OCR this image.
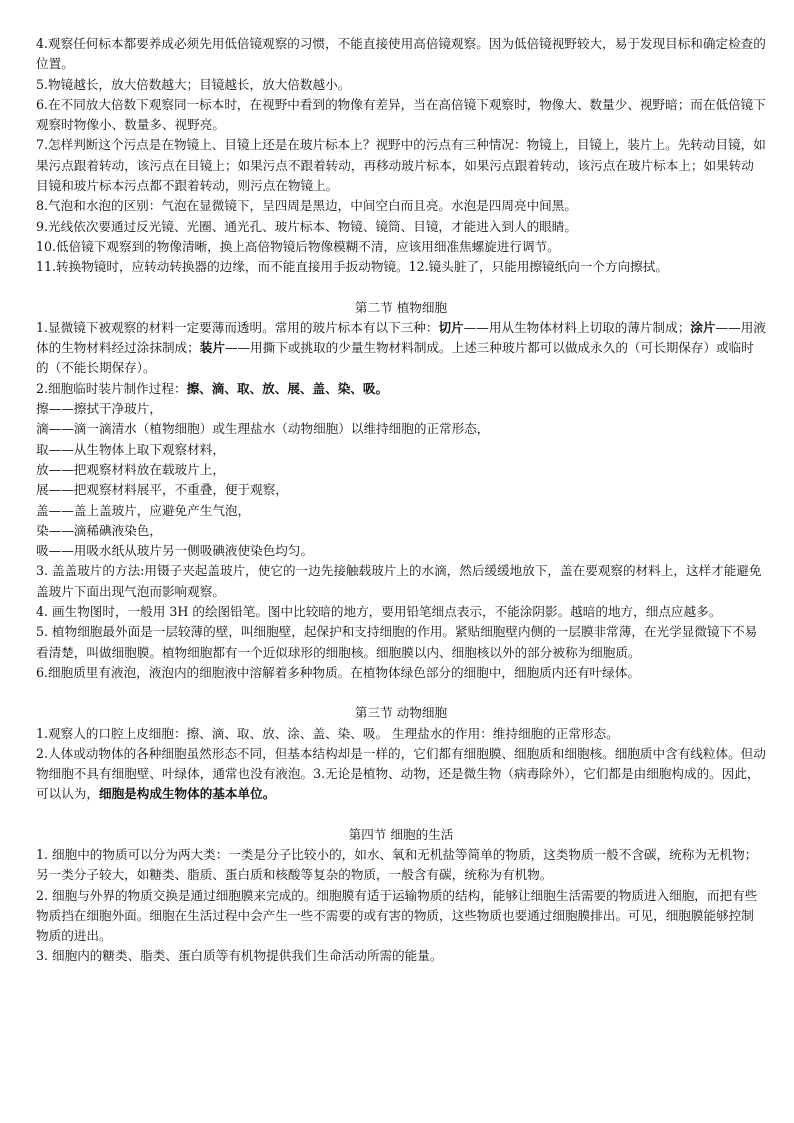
4.观察任何标本都要养成必须先用低倍镜观察的习惯，不能直接使用高倍镜观察。因为低倍镜视野较大，易于发现目标和确定检查的位置。

5.物镜越长，放大倍数越大；目镜越长，放大倍数越小。

6.在不同放大倍数下观察同一标本时，在视野中看到的物像有差异，当在高倍镜下观察时，物像大、数量少、视野暗；而在低倍镜下观察时物像小、数量多、视野亮。

7.怎样判断这个污点是在物镜上、目镜上还是在玻片标本上？视野中的污点有三种情况：物镜上，目镜上，装片上。先转动目镜，如果污点跟着转动，该污点在目镜上；如果污点不跟着转动，再移动玻片标本，如果污点跟着转动，该污点在玻片标本上；如果转动目镜和玻片标本污点都不跟着转动，则污点在物镜上。

8.气泡和水泡的区别：气泡在显微镜下，呈四周是黑边，中间空白而且亮。水泡是四周亮中间黑。

9.光线依次要通过反光镜、光圈、通光孔、玻片标本、物镜、镜筒、目镜，才能进入到人的眼睛。

10.低倍镜下观察到的物像清晰，换上高倍物镜后物像模糊不清，应该用细准焦螺旋进行调节。

11.转换物镜时，应转动转换器的边缘，而不能直接用手扳动物镜。12.镜头脏了，只能用擦镜纸向一个方向擦拭。

第二节 植物细胞

1.显微镜下被观察的材料一定要薄而透明。常用的玻片标本有以下三种：切片——用从生物体材料上切取的薄片制成；涂片——用液体的生物材料经过涂抹制成；装片——用撕下或挑取的少量生物材料制成。上述三种玻片都可以做成永久的（可长期保存）或临时的（不能长期保存）。

2.细胞临时装片制作过程：擦、滴、取、放、展、盖、染、吸。

擦——擦拭干净玻片，

滴——滴一滴清水（植物细胞）或生理盐水（动物细胞）以维持细胞的正常形态，

取——从生物体上取下观察材料，

放——把观察材料放在载玻片上，

展——把观察材料展平，不重叠，便于观察，

盖——盖上盖玻片，应避免产生气泡，

染——滴稀碘液染色，

吸——用吸水纸从玻片另一侧吸碘液使染色均匀。

3. 盖盖玻片的方法:用镊子夹起盖玻片，使它的一边先接触载玻片上的水滴，然后缓缓地放下，盖在要观察的材料上，这样才能避免盖玻片下面出现气泡而影响观察。

4. 画生物图时，一般用 3H 的绘图铅笔。图中比较暗的地方，要用铅笔细点表示，不能涂阴影。越暗的地方，细点应越多。

5. 植物细胞最外面是一层较薄的壁，叫细胞壁，起保护和支持细胞的作用。紧贴细胞壁内侧的一层膜非常薄，在光学显微镜下不易看清楚，叫做细胞膜。植物细胞都有一个近似球形的细胞核。细胞膜以内、细胞核以外的部分被称为细胞质。

6.细胞质里有液泡，液泡内的细胞液中溶解着多种物质。在植物体绿色部分的细胞中，细胞质内还有叶绿体。

第三节 动物细胞

1.观察人的口腔上皮细胞：擦、滴、取、放、涂、盖、染、吸。 生理盐水的作用：维持细胞的正常形态。

2.人体或动物体的各种细胞虽然形态不同，但基本结构却是一样的，它们都有细胞膜、细胞质和细胞核。细胞质中含有线粒体。但动物细胞不具有细胞壁、叶绿体，通常也没有液泡。3.无论是植物、动物，还是微生物（病毒除外），它们都是由细胞构成的。因此，可以认为，细胞是构成生物体的基本单位。

第四节 细胞的生活

1. 细胞中的物质可以分为两大类：一类是分子比较小的，如水、氧和无机盐等简单的物质，这类物质一般不含碳，统称为无机物；另一类分子较大，如糖类、脂质、蛋白质和核酸等复杂的物质，一般含有碳，统称为有机物。

2. 细胞与外界的物质交换是通过细胞膜来完成的。细胞膜有适于运输物质的结构，能够让细胞生活需要的物质进入细胞，而把有些物质挡在细胞外面。细胞在生活过程中会产生一些不需要的或有害的物质，这些物质也要通过细胞膜排出。可见，细胞膜能够控制物质的进出。

3. 细胞内的糖类、脂类、蛋白质等有机物提供我们生命活动所需的能量。
